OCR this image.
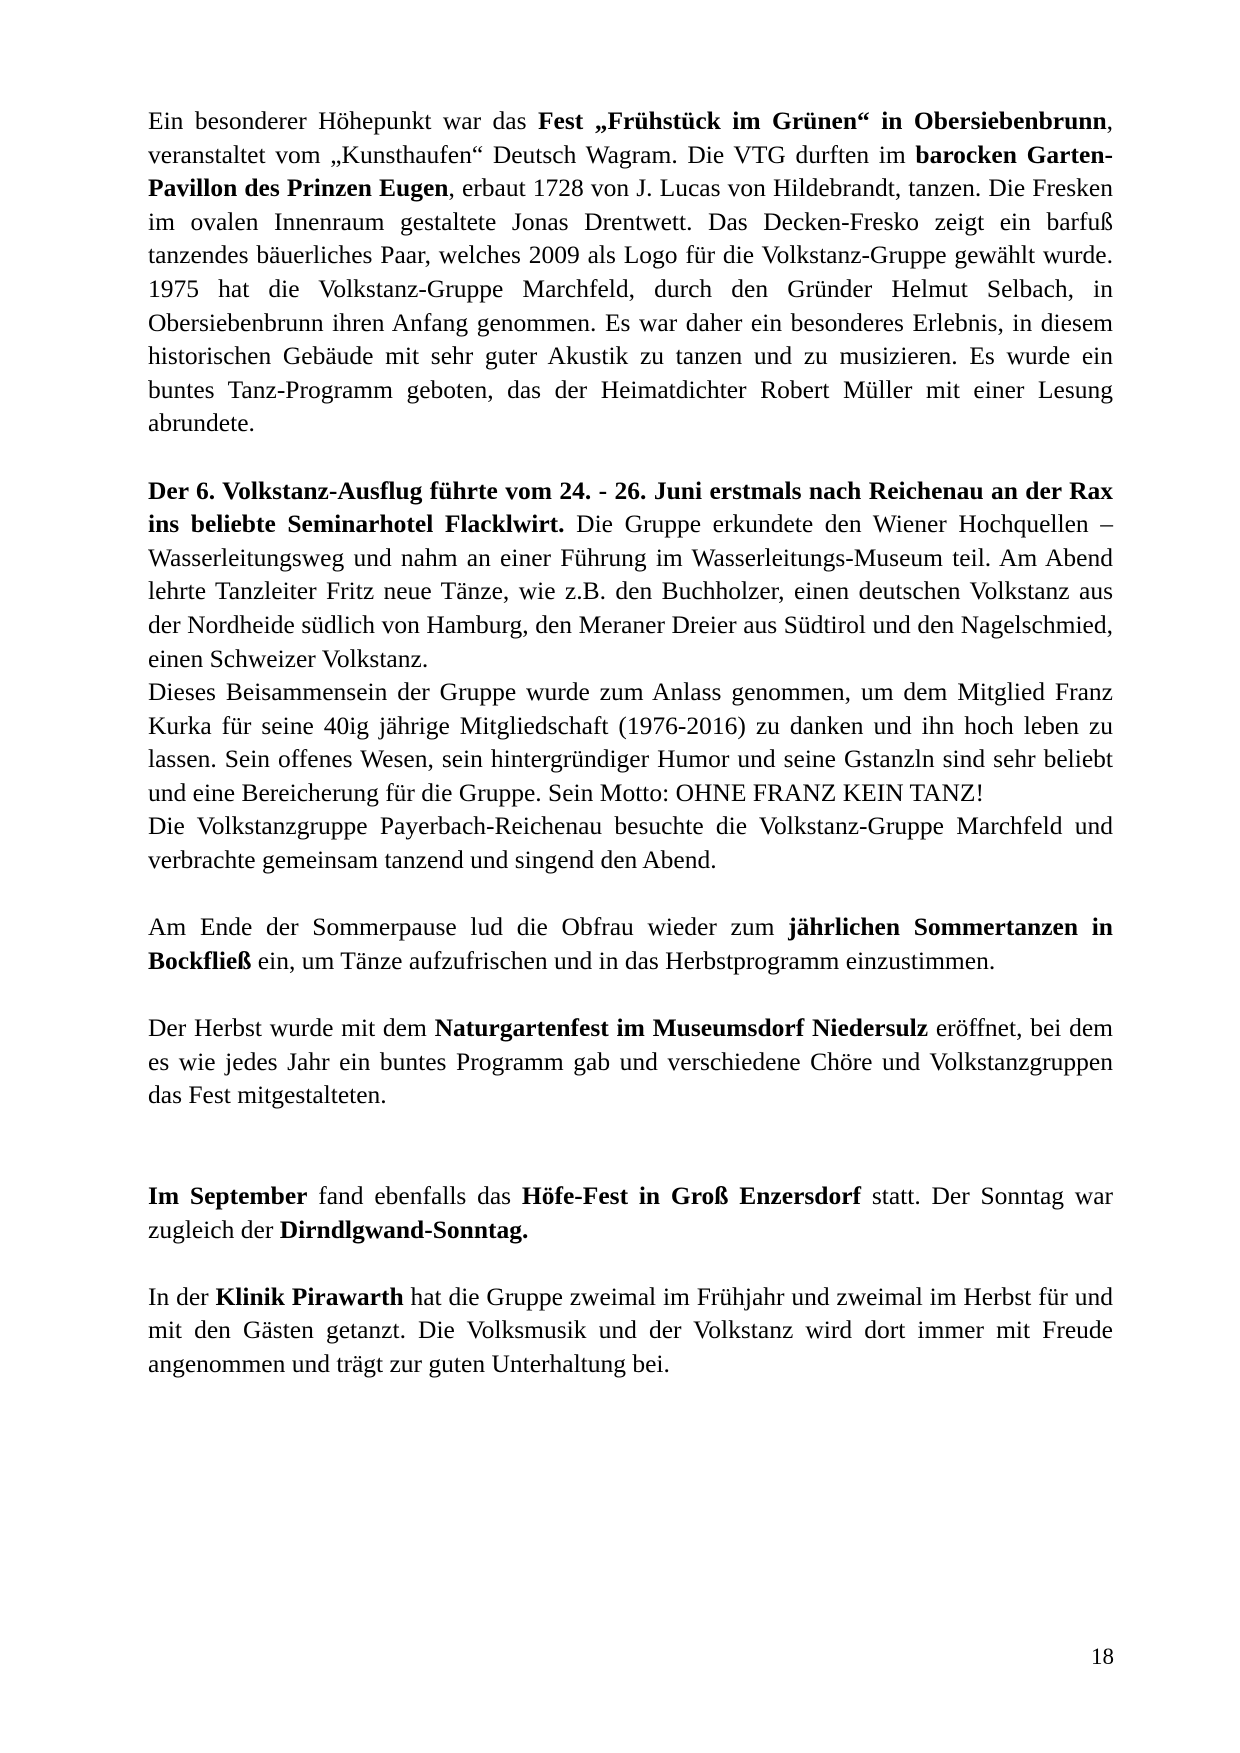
Ein besonderer Höhepunkt war das Fest „Frühstück im Grünen“ in Obersiebenbrunn, veranstaltet vom „Kunsthaufen“ Deutsch Wagram. Die VTG durften im barocken Garten-Pavillon des Prinzen Eugen, erbaut 1728 von J. Lucas von Hildebrandt, tanzen. Die Fresken im ovalen Innenraum gestaltete Jonas Drentwett. Das Decken-Fresko zeigt ein barfuß tanzendes bäuerliches Paar, welches 2009 als Logo für die Volkstanz-Gruppe gewählt wurde. 1975 hat die Volkstanz-Gruppe Marchfeld, durch den Gründer Helmut Selbach, in Obersiebenbrunn ihren Anfang genommen. Es war daher ein besonderes Erlebnis, in diesem historischen Gebäude mit sehr guter Akustik zu tanzen und zu musizieren. Es wurde ein buntes Tanz-Programm geboten, das der Heimatdichter Robert Müller mit einer Lesung abrundete.

Der 6. Volkstanz-Ausflug führte vom 24. - 26. Juni erstmals nach Reichenau an der Rax ins beliebte Seminarhotel Flacklwirt. Die Gruppe erkundete den Wiener Hochquellen – Wasserleitungsweg und nahm an einer Führung im Wasserleitungs-Museum teil. Am Abend lehrte Tanzleiter Fritz neue Tänze, wie z.B. den Buchholzer, einen deutschen Volkstanz aus der Nordheide südlich von Hamburg, den Meraner Dreier aus Südtirol und den Nagelschmied, einen Schweizer Volkstanz.

Dieses Beisammensein der Gruppe wurde zum Anlass genommen, um dem Mitglied Franz Kurka für seine 40ig jährige Mitgliedschaft (1976-2016) zu danken und ihn hoch leben zu lassen. Sein offenes Wesen, sein hintergründiger Humor und seine Gstanzln sind sehr beliebt und eine Bereicherung für die Gruppe. Sein Motto: OHNE FRANZ KEIN TANZ!

Die Volkstanzgruppe Payerbach-Reichenau besuchte die Volkstanz-Gruppe Marchfeld und verbrachte gemeinsam tanzend und singend den Abend.

Am Ende der Sommerpause lud die Obfrau wieder zum jährlichen Sommertanzen in Bockfließ ein, um Tänze aufzufrischen und in das Herbstprogramm einzustimmen.

Der Herbst wurde mit dem Naturgartenfest im Museumsdorf Niedersulz eröffnet, bei dem es wie jedes Jahr ein buntes Programm gab und verschiedene Chöre und Volkstanzgruppen das Fest mitgestalteten.

Im September fand ebenfalls das Höfe-Fest in Groß Enzersdorf statt. Der Sonntag war zugleich der Dirndlgwand-Sonntag.

In der Klinik Pirawarth hat die Gruppe zweimal im Frühjahr und zweimal im Herbst für und mit den Gästen getanzt. Die Volksmusik und der Volkstanz wird dort immer mit Freude angenommen und trägt zur guten Unterhaltung bei.

18
